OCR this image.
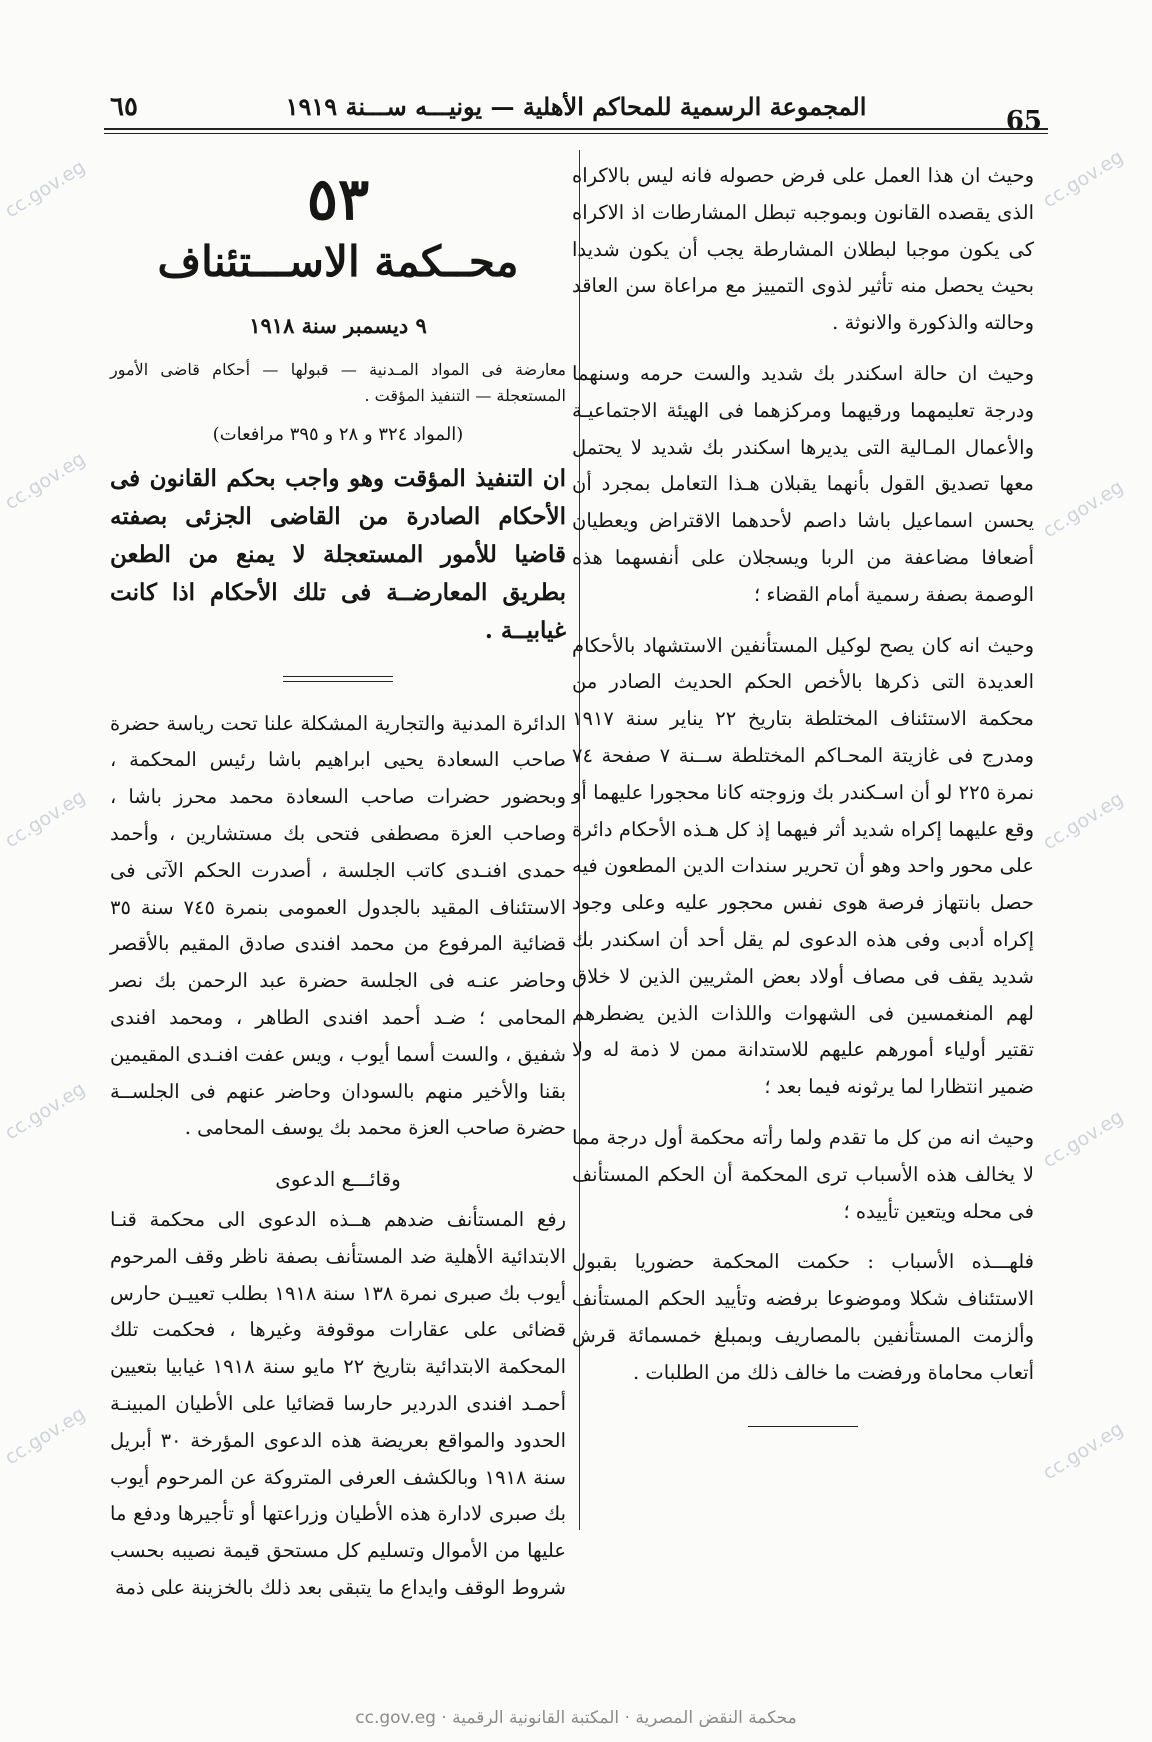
٦٥	المجموعة الرسمية للمحاكم الأهلية — يونيـــه ســـنة ١٩١٩	65

وحيث ان هذا العمل على فرض حصوله فانه ليس بالاكراه الذى يقصده القانون وبموجبه تبطل المشارطات اذ الاكراه كى يكون موجبا لبطلان المشارطة يجب أن يكون شديدا بحيث يحصل منه تأثير لذوى التمييز مع مراعاة سن العاقد وحالته والذكورة والانوثة .

وحيث ان حالة اسكندر بك شديد والست حرمه وسنهما ودرجة تعليمهما ورقيهما ومركزهما فى الهيئة الاجتماعيـة والأعمال المـالية التى يديرها اسكندر بك شديد لا يحتمل معها تصديق القول بأنهما يقبلان هـذا التعامل بمجرد أن يحسن اسماعيل باشا داصم لأحدهما الاقتراض ويعطيان أضعافا مضاعفة من الربا ويسجلان على أنفسهما هذه الوصمة بصفة رسمية أمام القضاء ؛

وحيث انه كان يصح لوكيل المستأنفين الاستشهاد بالأحكام العديدة التى ذكرها بالأخص الحكم الحديث الصادر من محكمة الاستئناف المختلطة بتاريخ ٢٢ يناير سنة ١٩١٧ ومدرج فى غازيتة المحـاكم المختلطة ســنة ٧ صفحة ٧٤ نمرة ٢٢٥ لو أن اسـكندر بك وزوجته كانا محجورا عليهما أو وقع عليهما إكراه شديد أثر فيهما إذ كل هـذه الأحكام دائرة على محور واحد وهو أن تحرير سندات الدين المطعون فيه حصل بانتهاز فرصة هوى نفس محجور عليه وعلى وجود إكراه أدبى وفى هذه الدعوى لم يقل أحد أن اسكندر بك شديد يقف فى مصاف أولاد بعض المثريين الذين لا خلاق لهم المنغمسين فى الشهوات واللذات الذين يضطرهم تقتير أولياء أمورهم عليهم للاستدانة ممن لا ذمة له ولا ضمير انتظارا لما يرثونه فيما بعد ؛

وحيث انه من كل ما تقدم ولما رأته محكمة أول درجة مما لا يخالف هذه الأسباب ترى المحكمة أن الحكم المستأنف فى محله ويتعين تأييده ؛

فلهـــذه الأسباب : حكمت المحكمة حضوريا بقبول الاستئناف شكلا وموضوعا برفضه وتأييد الحكم المستأنف وألزمت المستأنفين بالمصاريف وبمبلغ خمسمائة قرش أتعاب محاماة ورفضت ما خالف ذلك من الطلبات .

٥٣
محــكمة الاســـتئناف
٩ ديسمبر سنة ١٩١٨
معارضة فى المواد المـدنية — قبولها — أحكام قاضى الأمور المستعجلة — التنفيذ المؤقت .
(المواد ٣٢٤ و ٢٨ و ٣٩٥ مرافعات)
ان التنفيذ المؤقت وهو واجب بحكم القانون فى الأحكام الصادرة من القاضى الجزئى بصفته قاضيا للأمور المستعجلة لا يمنع من الطعن بطريق المعارضــة فى تلك الأحكام اذا كانت غيابيــة .

الدائرة المدنية والتجارية المشكلة علنا تحت رياسة حضرة صاحب السعادة يحيى ابراهيم باشا رئيس المحكمة ، وبحضور حضرات صاحب السعادة محمد محرز باشا ، وصاحب العزة مصطفى فتحى بك مستشارين ، وأحمد حمدى افنـدى كاتب الجلسة ، أصدرت الحكم الآتى فى الاستئناف المقيد بالجدول العمومى بنمرة ٧٤٥ سنة ٣٥ قضائية المرفوع من محمد افندى صادق المقيم بالأقصر وحاضر عنـه فى الجلسة حضرة عبد الرحمن بك نصر المحامى ؛ ضـد أحمد افندى الطاهر ، ومحمد افندى شفيق ، والست أسما أيوب ، ويس عفت افنـدى المقيمين بقنا والأخير منهم بالسودان وحاضر عنهم فى الجلســة حضرة صاحب العزة محمد بك يوسف المحامى .

وقائـــع الدعوى

رفع المستأنف ضدهم هــذه الدعوى الى محكمة قنـا الابتدائية الأهلية ضد المستأنف بصفة ناظر وقف المرحوم أيوب بك صبرى نمرة ١٣٨ سنة ١٩١٨ بطلب تعييـن حارس قضائى على عقارات موقوفة وغيرها ، فحكمت تلك المحكمة الابتدائية بتاريخ ٢٢ مايو سنة ١٩١٨ غيابيا بتعيين أحمـد افندى الدردير حارسا قضائيا على الأطيان المبينـة الحدود والمواقع بعريضة هذه الدعوى المؤرخة ٣٠ أبريل سنة ١٩١٨ وبالكشف العرفى المتروكة عن المرحوم أيوب بك صبرى لادارة هذه الأطيان وزراعتها أو تأجيرها ودفع ما عليها من الأموال وتسليم كل مستحق قيمة نصيبه بحسب شروط الوقف وايداع ما يتبقى بعد ذلك بالخزينة على ذمة

cc.gov.eg
cc.gov.eg
cc.gov.eg
cc.gov.eg
cc.gov.eg
cc.gov.eg
cc.gov.eg
cc.gov.eg
cc.gov.eg
cc.gov.eg
cc.gov.eg · محكمة النقض المصرية · المكتبة القانونية الرقمية
